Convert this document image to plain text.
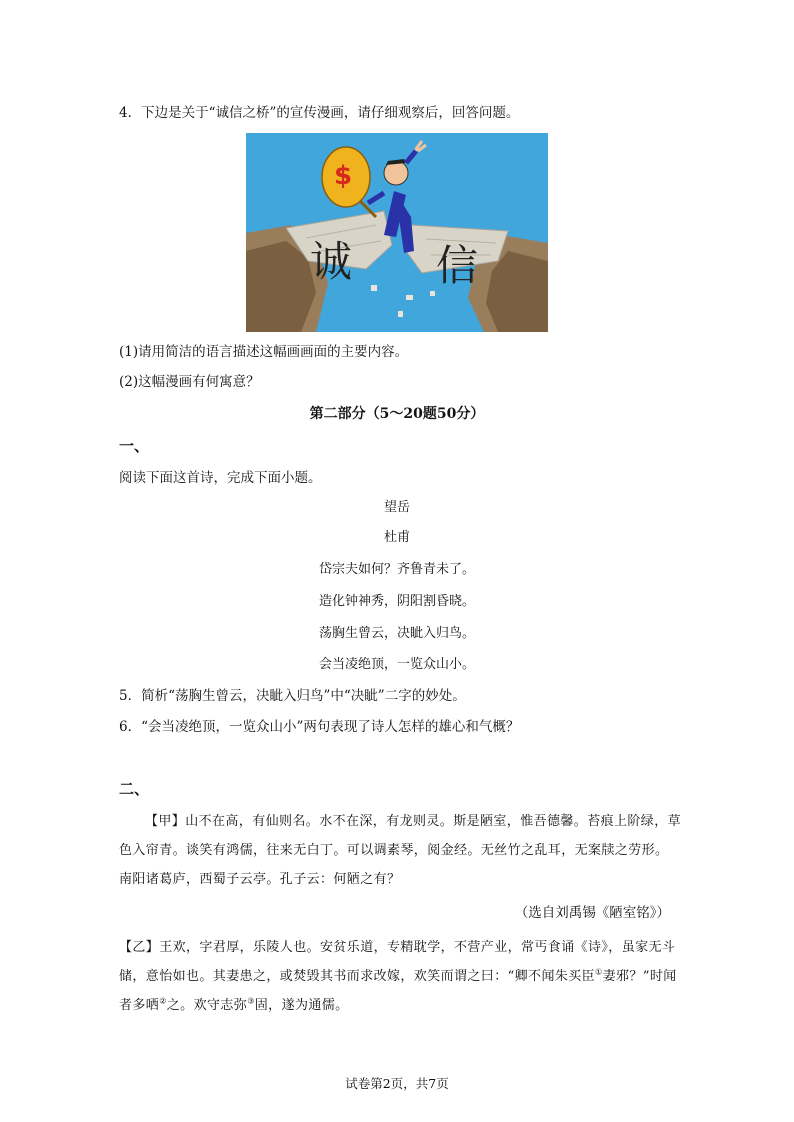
4．下边是关于“诚信之桥”的宣传漫画，请仔细观察后，回答问题。
$
诚 信
(1)请用简洁的语言描述这幅画画面的主要内容。
(2)这幅漫画有何寓意？
第二部分（5～20题50分）
一、
阅读下面这首诗，完成下面小题。
望岳
杜甫
岱宗夫如何？齐鲁青未了。
造化钟神秀，阴阳割昏晓。
荡胸生曾云，决眦入归鸟。
会当凌绝顶，一览众山小。
5．简析“荡胸生曾云，决眦入归鸟”中“决眦”二字的妙处。
6．“会当凌绝顶，一览众山小”两句表现了诗人怎样的雄心和气概？
二、
【甲】山不在高，有仙则名。水不在深，有龙则灵。斯是陋室，惟吾德馨。苔痕上阶绿，草色入帘青。谈笑有鸿儒，往来无白丁。可以调素琴，阅金经。无丝竹之乱耳，无案牍之劳形。南阳诸葛庐，西蜀子云亭。孔子云：何陋之有？
（选自刘禹锡《陋室铭》）
【乙】王欢，字君厚，乐陵人也。安贫乐道，专精耽学，不营产业，常丐食诵《诗》，虽家无斗储，意怡如也。其妻患之，或焚毁其书而求改嫁，欢笑而谓之曰：“卿不闻朱买臣①妻邪？”时闻者多哂②之。欢守志弥③固，遂为通儒。
试卷第2页，共7页
